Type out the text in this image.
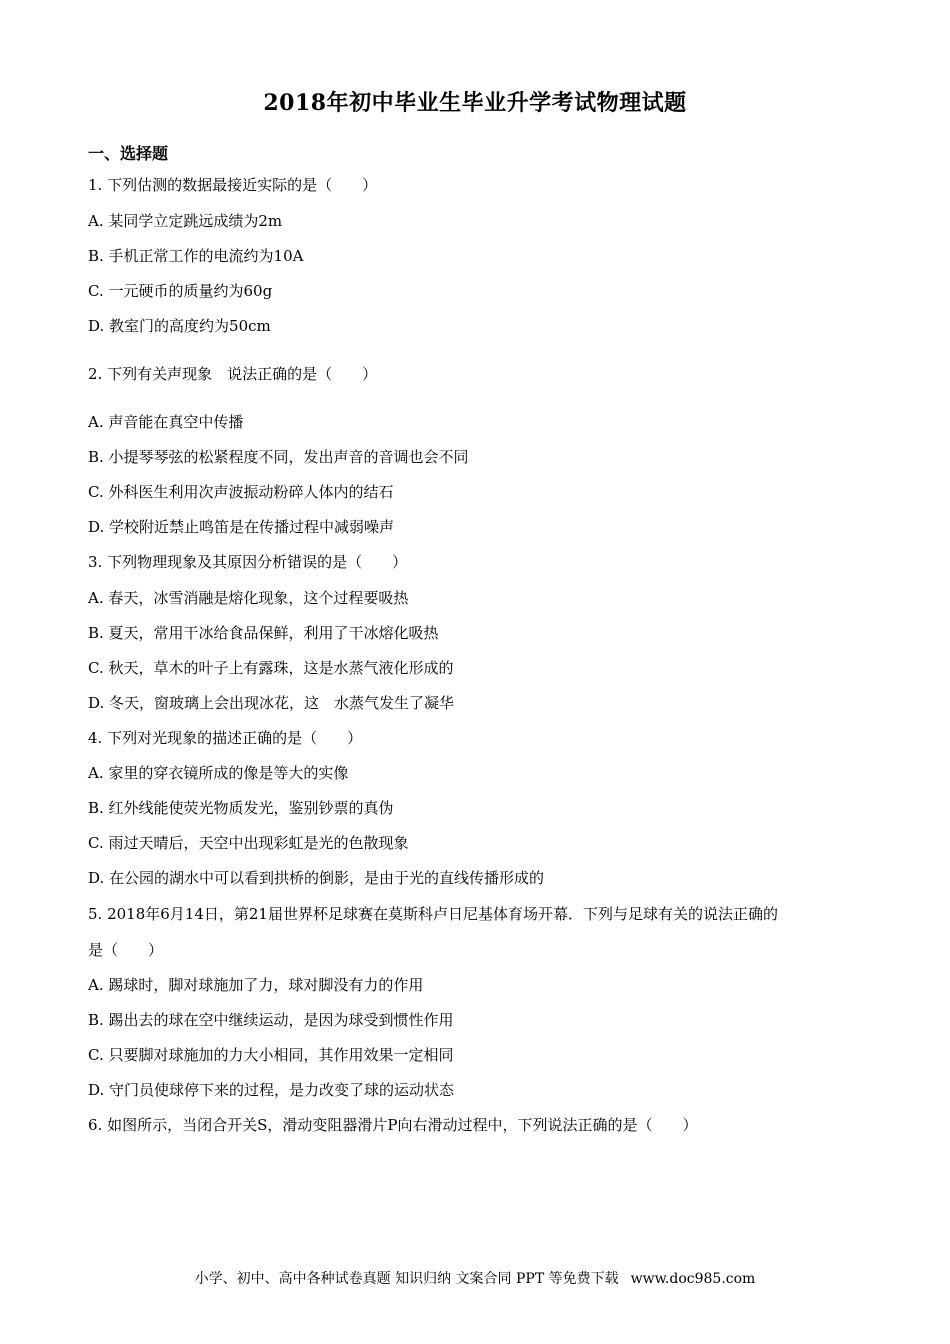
2018年初中毕业生毕业升学考试物理试题
一、选择题
1. 下列估测的数据最接近实际的是（　　）
A. 某同学立定跳远成绩为2m
B. 手机正常工作的电流约为10A
C. 一元硬币的质量约为60g
D. 教室门的高度约为50cm
2. 下列有关声现象　说法正确的是（　　）
A. 声音能在真空中传播
B. 小提琴琴弦的松紧程度不同，发出声音的音调也会不同
C. 外科医生利用次声波振动粉碎人体内的结石
D. 学校附近禁止鸣笛是在传播过程中减弱噪声
3. 下列物理现象及其原因分析错误的是（　　）
A. 春天，冰雪消融是熔化现象，这个过程要吸热
B. 夏天，常用干冰给食品保鲜，利用了干冰熔化吸热
C. 秋天，草木的叶子上有露珠，这是水蒸气液化形成的
D. 冬天，窗玻璃上会出现冰花，这　水蒸气发生了凝华
4. 下列对光现象的描述正确的是（　　）
A. 家里的穿衣镜所成的像是等大的实像
B. 红外线能使荧光物质发光，鉴别钞票的真伪
C. 雨过天晴后，天空中出现彩虹是光的色散现象
D. 在公园的湖水中可以看到拱桥的倒影，是由于光的直线传播形成的
5. 2018年6月14日，第21届世界杯足球赛在莫斯科卢日尼基体育场开幕．下列与足球有关的说法正确的
是（　　）
A. 踢球时，脚对球施加了力，球对脚没有力的作用
B. 踢出去的球在空中继续运动，是因为球受到惯性作用
C. 只要脚对球施加的力大小相同，其作用效果一定相同
D. 守门员使球停下来的过程，是力改变了球的运动状态
6. 如图所示，当闭合开关S，滑动变阻器滑片P向右滑动过程中，下列说法正确的是（　　）
小学、初中、高中各种试卷真题 知识归纳 文案合同 PPT 等免费下载 www.doc985.com
